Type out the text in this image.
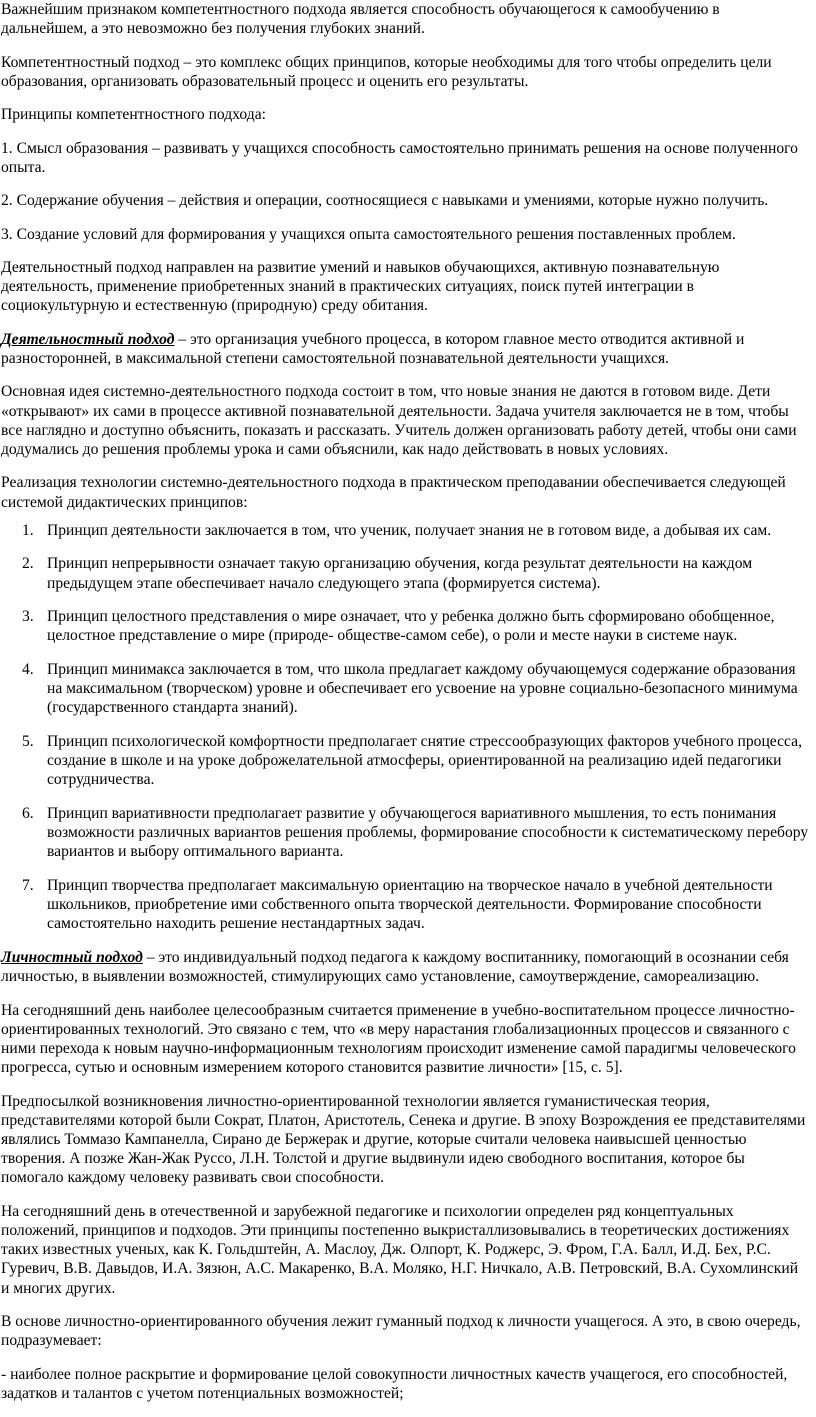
Важнейшим признаком компетентностного подхода является способность обучающегося к самообучению в дальнейшем, а это невозможно без получения глубоких знаний.

Компетентностный подход – это комплекс общих принципов, которые необходимы для того чтобы определить цели образования, организовать образовательный процесс и оценить его результаты.

Принципы компетентностного подхода:

1. Смысл образования – развивать у учащихся способность самостоятельно принимать решения на основе полученного опыта.

2. Содержание обучения – действия и операции, соотносящиеся с навыками и умениями, которые нужно получить.

3. Создание условий для формирования у учащихся опыта самостоятельного решения поставленных проблем.

Деятельностный подход направлен на развитие умений и навыков обучающихся, активную познавательную деятельность, применение приобретенных знаний в практических ситуациях, поиск путей интеграции в социокультурную и естественную (природную) среду обитания.

Деятельностный подход – это организация учебного процесса, в котором главное место отводится активной и разносторонней, в максимальной степени самостоятельной познавательной деятельности учащихся.

Основная идея системно-деятельностного подхода состоит в том, что новые знания не даются в готовом виде. Дети «открывают» их сами в процессе активной познавательной деятельности. Задача учителя заключается не в том, чтобы все наглядно и доступно объяснить, показать и рассказать. Учитель должен организовать работу детей, чтобы они сами додумались до решения проблемы урока и сами объяснили, как надо действовать в новых условиях.

Реализация технологии системно-деятельностного подхода в практическом преподавании обеспечивается следующей системой дидактических принципов:

1. Принцип деятельности заключается в том, что ученик, получает знания не в готовом виде, а добывая их сам.
2. Принцип непрерывности означает такую организацию обучения, когда результат деятельности на каждом предыдущем этапе обеспечивает начало следующего этапа (формируется система).
3. Принцип целостного представления о мире означает, что у ребенка должно быть сформировано обобщенное, целостное представление о мире (природе- обществе-самом себе), о роли и месте науки в системе наук.
4. Принцип минимакса заключается в том, что школа предлагает каждому обучающемуся содержание образования на максимальном (творческом) уровне и обеспечивает его усвоение на уровне социально-безопасного минимума (государственного стандарта знаний).
5. Принцип психологической комфортности предполагает снятие стрессообразующих факторов учебного процесса, создание в школе и на уроке доброжелательной атмосферы, ориентированной на реализацию идей педагогики сотрудничества.
6. Принцип вариативности предполагает развитие у обучающегося вариативного мышления, то есть понимания возможности различных вариантов решения проблемы, формирование способности к систематическому перебору вариантов и выбору оптимального варианта.
7. Принцип творчества предполагает максимальную ориентацию на творческое начало в учебной деятельности школьников, приобретение ими собственного опыта творческой деятельности. Формирование способности самостоятельно находить решение нестандартных задач.

Личностный подход – это индивидуальный подход педагога к каждому воспитаннику, помогающий в осознании себя личностью, в выявлении возможностей, стимулирующих само установление, самоутверждение, самореализацию.

На сегодняшний день наиболее целесообразным считается применение в учебно-воспитательном процессе личностно-ориентированных технологий. Это связано с тем, что «в меру нарастания глобализационных процессов и связанного с ними перехода к новым научно-информационным технологиям происходит изменение самой парадигмы человеческого прогресса, сутью и основным измерением которого становится развитие личности» [15, с. 5].

Предпосылкой возникновения личностно-ориентированной технологии является гуманистическая теория, представителями которой были Сократ, Платон, Аристотель, Сенека и другие. В эпоху Возрождения ее представителями являлись Томмазо Кампанелла, Сирано де Бержерак и другие, которые считали человека наивысшей ценностью творения. А позже Жан-Жак Руссо, Л.Н. Толстой и другие выдвинули идею свободного воспитания, которое бы помогало каждому человеку развивать свои способности.

На сегодняшний день в отечественной и зарубежной педагогике и психологии определен ряд концептуальных положений, принципов и подходов. Эти принципы постепенно выкристаллизовывались в теоретических достижениях таких известных ученых, как К. Гольдштейн, А. Маслоу, Дж. Олпорт, К. Роджерс, Э. Фром, Г.А. Балл, И.Д. Бех, Р.С. Гуревич, В.В. Давыдов, И.А. Зязюн, А.С. Макаренко, В.А. Моляко, Н.Г. Ничкало, А.В. Петровский, В.А. Сухомлинский и многих других.

В основе личностно-ориентированного обучения лежит гуманный подход к личности учащегося. А это, в свою очередь, подразумевает:

- наиболее полное раскрытие и формирование целой совокупности личностных качеств учащегося, его способностей, задатков и талантов с учетом потенциальных возможностей;
